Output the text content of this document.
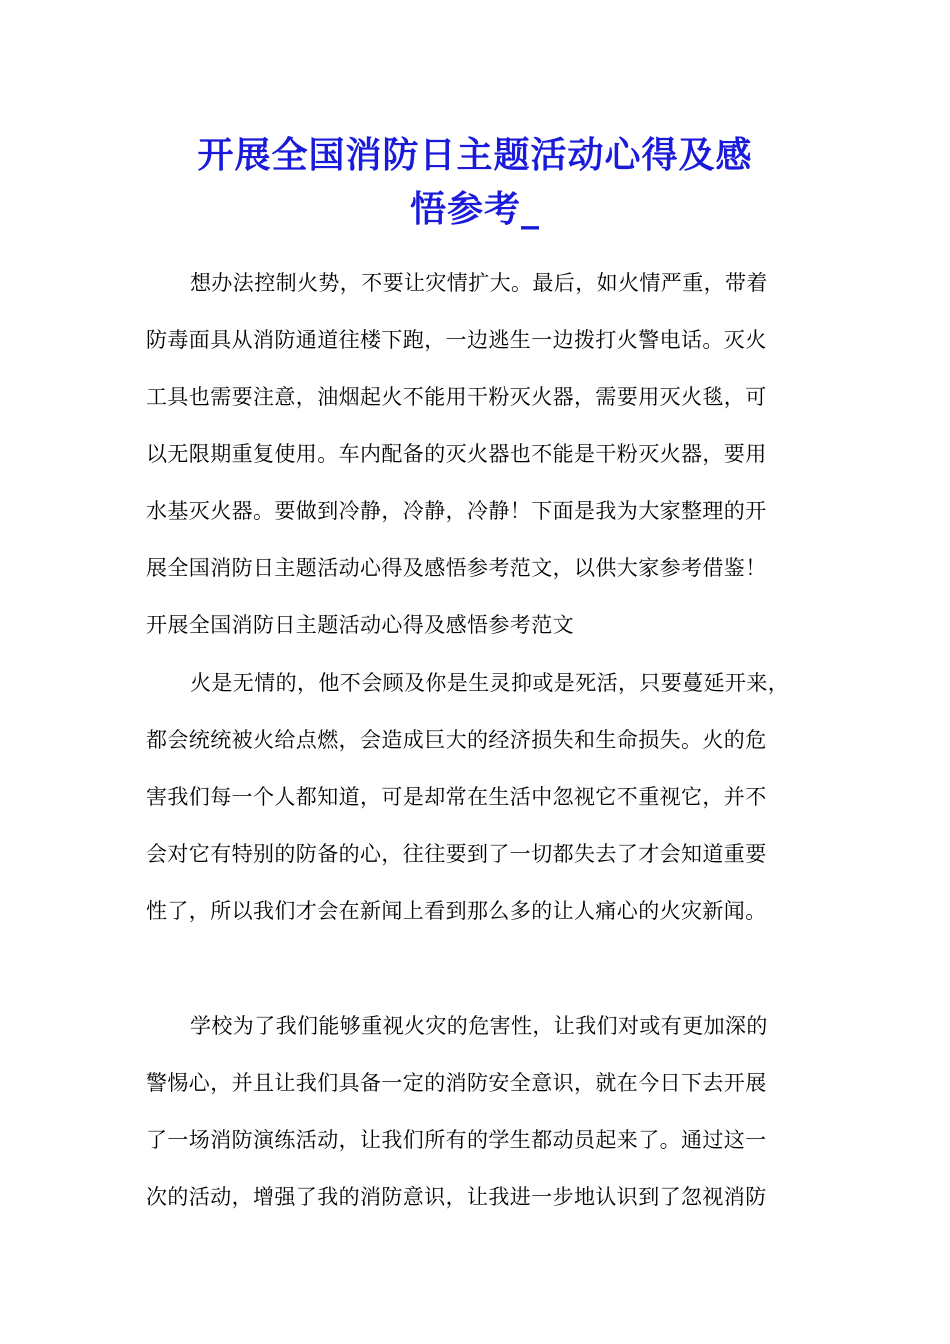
开展全国消防日主题活动心得及感
悟参考_

想办法控制火势，不要让灾情扩大。最后，如火情严重，带着

防毒面具从消防通道往楼下跑，一边逃生一边拨打火警电话。灭火

工具也需要注意，油烟起火不能用干粉灭火器，需要用灭火毯，可

以无限期重复使用。车内配备的灭火器也不能是干粉灭火器，要用

水基灭火器。要做到冷静，冷静，冷静！下面是我为大家整理的开

展全国消防日主题活动心得及感悟参考范文，以供大家参考借鉴！

开展全国消防日主题活动心得及感悟参考范文

火是无情的，他不会顾及你是生灵抑或是死活，只要蔓延开来，

都会统统被火给点燃，会造成巨大的经济损失和生命损失。火的危

害我们每一个人都知道，可是却常在生活中忽视它不重视它，并不

会对它有特别的防备的心，往往要到了一切都失去了才会知道重要

性了，所以我们才会在新闻上看到那么多的让人痛心的火灾新闻。

学校为了我们能够重视火灾的危害性，让我们对或有更加深的

警惕心，并且让我们具备一定的消防安全意识，就在今日下去开展

了一场消防演练活动，让我们所有的学生都动员起来了。通过这一

次的活动，增强了我的消防意识，让我进一步地认识到了忽视消防
